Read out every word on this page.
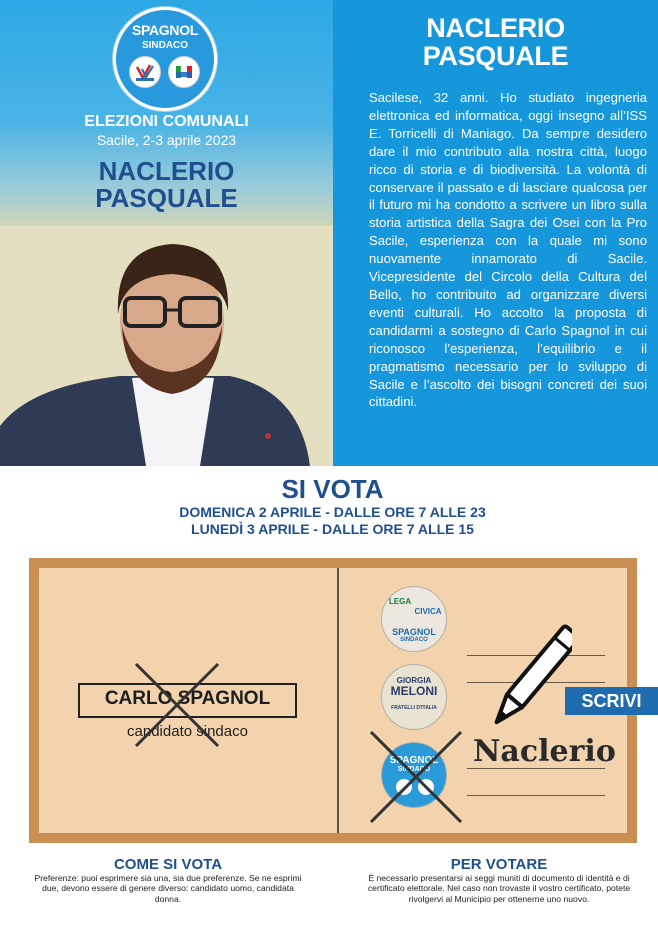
SPAGNOL
SINDACO
ELEZIONI COMUNALI
Sacile, 2-3 aprile 2023
NACLERIO
PASQUALE
NACLERIO
PASQUALE
Sacilese, 32 anni. Ho studiato ingegneria elettronica ed informatica, oggi insegno all’ISS E. Torricelli di Maniago. Da sempre desidero dare il mio contributo alla nostra città, luogo ricco di storia e di biodiversità. La volontà di conservare il passato e di lasciare qualcosa per il futuro mi ha condotto a scrivere un libro sulla storia artistica della Sagra dei Osei con la Pro Sacile, esperienza con la quale mi sono nuovamente innamorato di Sacile. Vicepresidente del Circolo della Cultura del Bello, ho contribuito ad organizzare diversi eventi culturali. Ho accolto la proposta di candidarmi a sostegno di Carlo Spagnol in cui riconosco l’esperienza, l’equilibrio e il pragmatismo necessario per lo sviluppo di Sacile e l’ascolto dei bisogni concreti dei suoi cittadini.
SI VOTA
DOMENICA 2 APRILE - DALLE ORE 7 ALLE 23
LUNEDÌ 3 APRILE - DALLE ORE 7 ALLE 15
CARLO SPAGNOL
candidato sindaco
LEGA
CIVICA
SPAGNOL
SINDACO
GIORGIA
MELONI
FRATELLI D'ITALIA
SPAGNOL
SINDACO
Naclerio
SCRIVI
COME SI VOTA
Preferenze: puoi esprimere sia una, sia due preferenze. Se ne esprimi due, devono essere di genere diverso: candidato uomo, candidata donna.
PER VOTARE
È necessario presentarsi ai seggi muniti di documento di identità e di certificato elettorale. Nel caso non trovaste il vostro certificato, potete rivolgervi al Municipio per ottenerne uno nuovo.
